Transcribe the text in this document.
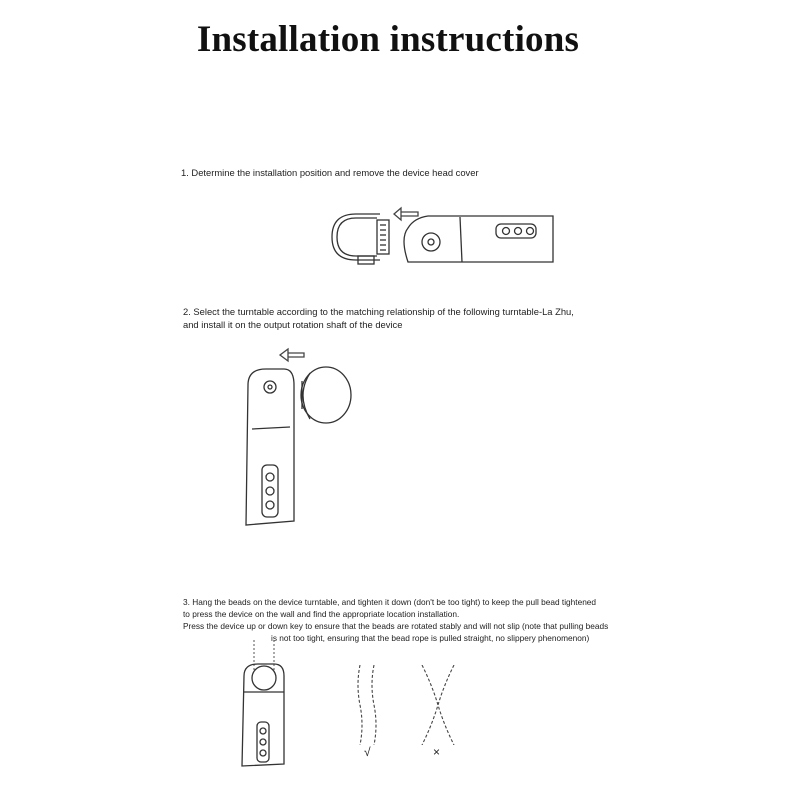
Installation instructions
1. Determine the installation position and remove the device head cover
2. Select the turntable according to the matching relationship of the following turntable-La Zhu,
and install it on the output rotation shaft of the device
3. Hang the beads on the device turntable, and tighten it down (don't be too tight) to keep the pull bead tightened
to press the device on the wall and find the appropriate location installation.
Press the device up or down key to ensure that the beads are rotated stably and will not slip (note that pulling beads
is not too tight, ensuring that the bead rope is pulled straight, no slippery phenomenon)
√	×
